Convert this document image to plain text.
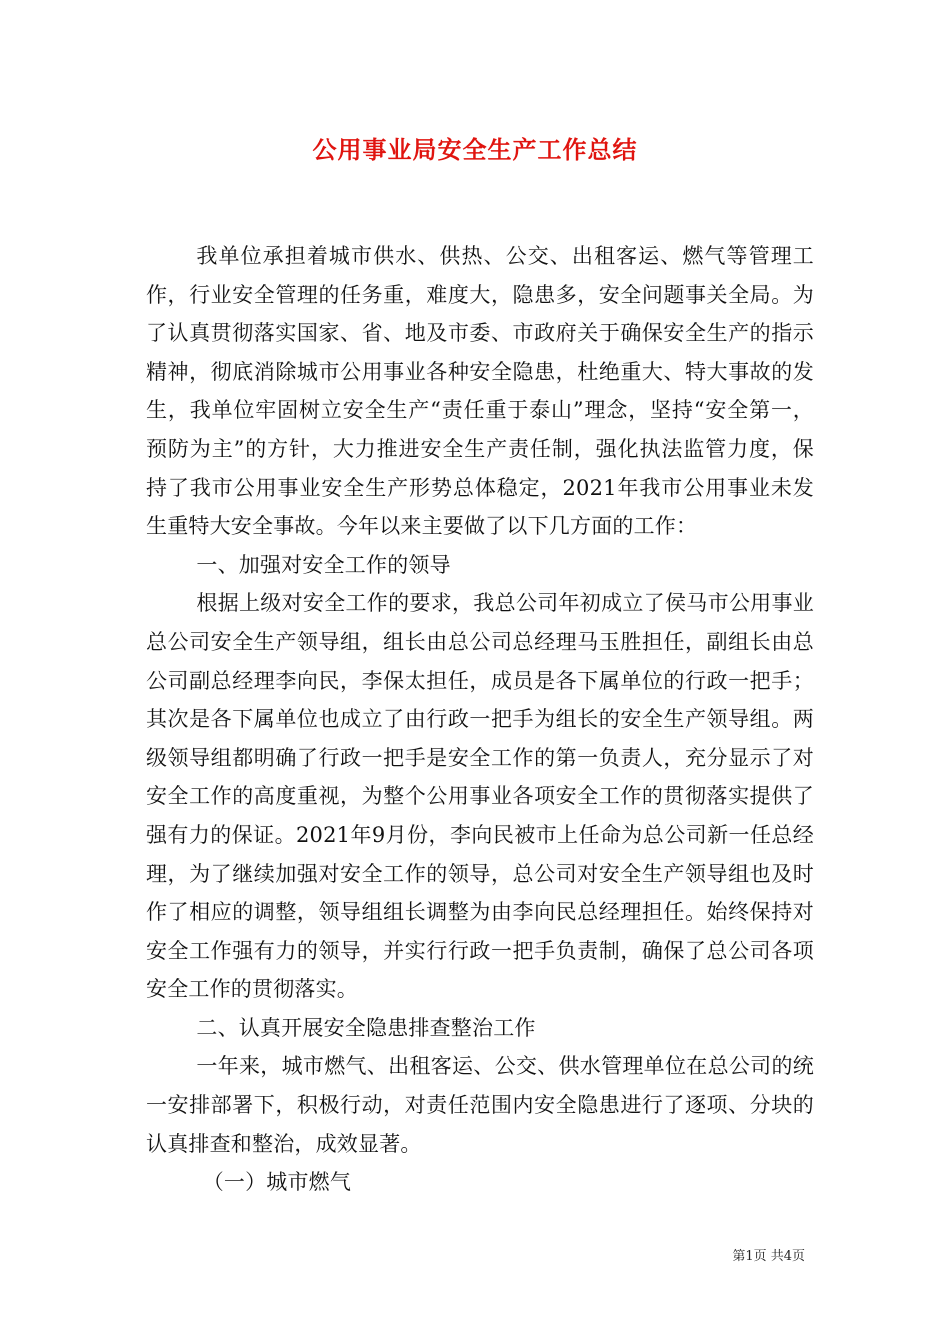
公用事业局安全生产工作总结

我单位承担着城市供水、供热、公交、出租客运、燃气等管理工作，行业安全管理的任务重，难度大，隐患多，安全问题事关全局。为了认真贯彻落实国家、省、地及市委、市政府关于确保安全生产的指示精神，彻底消除城市公用事业各种安全隐患，杜绝重大、特大事故的发生，我单位牢固树立安全生产“责任重于泰山”理念，坚持“安全第一，预防为主”的方针，大力推进安全生产责任制，强化执法监管力度，保持了我市公用事业安全生产形势总体稳定，2021年我市公用事业未发生重特大安全事故。今年以来主要做了以下几方面的工作：

一、加强对安全工作的领导

根据上级对安全工作的要求，我总公司年初成立了侯马市公用事业总公司安全生产领导组，组长由总公司总经理马玉胜担任，副组长由总公司副总经理李向民，李保太担任，成员是各下属单位的行政一把手；其次是各下属单位也成立了由行政一把手为组长的安全生产领导组。两级领导组都明确了行政一把手是安全工作的第一负责人，充分显示了对安全工作的高度重视，为整个公用事业各项安全工作的贯彻落实提供了强有力的保证。2021年9月份，李向民被市上任命为总公司新一任总经理，为了继续加强对安全工作的领导，总公司对安全生产领导组也及时作了相应的调整，领导组组长调整为由李向民总经理担任。始终保持对安全工作强有力的领导，并实行行政一把手负责制，确保了总公司各项安全工作的贯彻落实。

二、认真开展安全隐患排查整治工作

一年来，城市燃气、出租客运、公交、供水管理单位在总公司的统一安排部署下，积极行动，对责任范围内安全隐患进行了逐项、分块的认真排查和整治，成效显著。

（一）城市燃气

第1页 共4页
